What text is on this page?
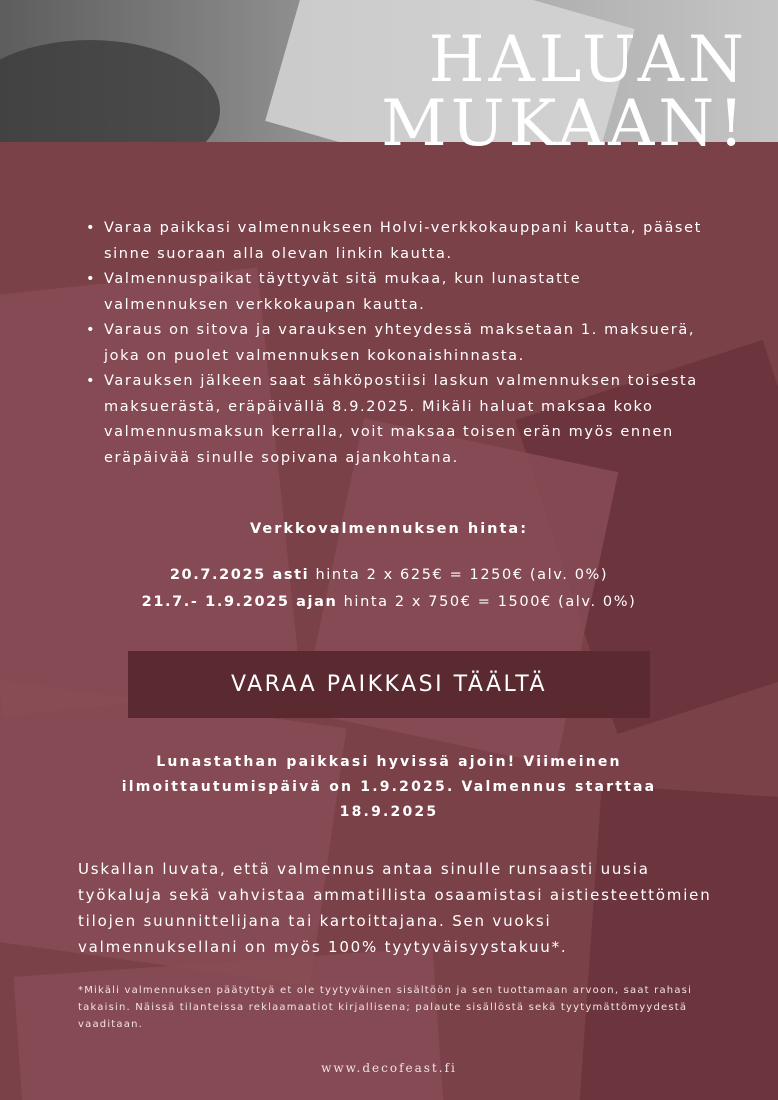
HALUAN
MUKAAN!
• Varaa paikkasi valmennukseen Holvi-verkkokauppani kautta, pääset sinne suoraan alla olevan linkin kautta.
• Valmennuspaikat täyttyvät sitä mukaa, kun lunastatte valmennuksen verkkokaupan kautta.
• Varaus on sitova ja varauksen yhteydessä maksetaan 1. maksuerä, joka on puolet valmennuksen kokonaishinnasta.
• Varauksen jälkeen saat sähköpostiisi laskun valmennuksen toisesta maksuerästä, eräpäivällä 8.9.2025. Mikäli haluat maksaa koko valmennusmaksun kerralla, voit maksaa toisen erän myös ennen eräpäivää sinulle sopivana ajankohtana.
Verkkovalmennuksen hinta:
20.7.2025 asti hinta 2 x 625€ = 1250€ (alv. 0%)
21.7.- 1.9.2025 ajan hinta 2 x 750€ = 1500€ (alv. 0%)
VARAA PAIKKASI TÄÄLTÄ
Lunastathan paikkasi hyvissä ajoin! Viimeinen ilmoittautumispäivä on 1.9.2025. Valmennus starttaa 18.9.2025
Uskallan luvata, että valmennus antaa sinulle runsaasti uusia työkaluja sekä vahvistaa ammatillista osaamistasi aistiesteettömien tilojen suunnittelijana tai kartoittajana. Sen vuoksi valmennuksellani on myös 100% tyytyväisyystakuu*.
*Mikäli valmennuksen päätyttyä et ole tyytyväinen sisältöön ja sen tuottamaan arvoon, saat rahasi takaisin. Näissä tilanteissa reklaamaatiot kirjallisena; palaute sisällöstä sekä tyytymättömyydestä vaaditaan.
www.decofeast.fi
